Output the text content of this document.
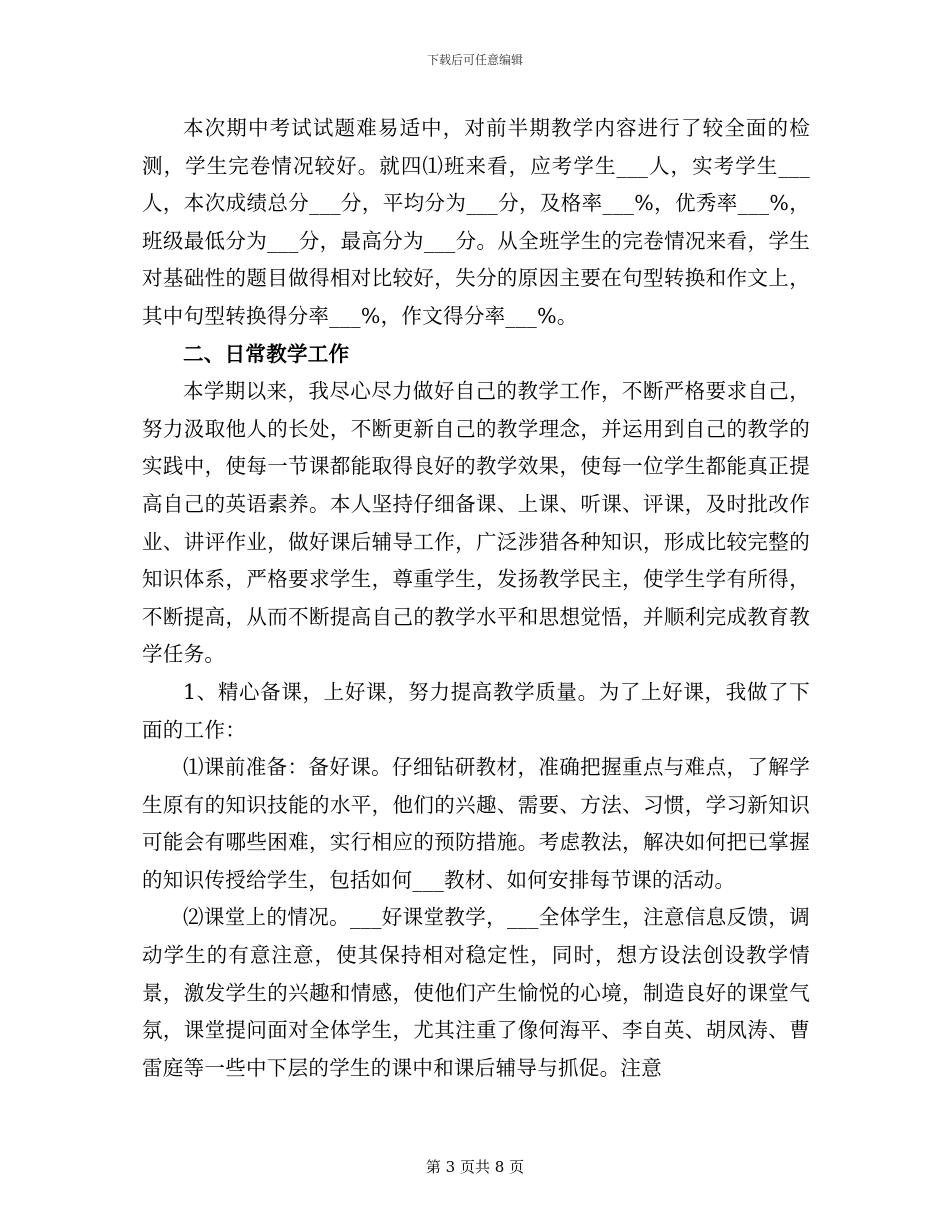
下载后可任意编辑

本次期中考试试题难易适中，对前半期教学内容进行了较全面的检测，学生完卷情况较好。就四⑴班来看，应考学生___人，实考学生___人，本次成绩总分___分，平均分为___分，及格率___%，优秀率___%，班级最低分为___分，最高分为___分。从全班学生的完卷情况来看，学生对基础性的题目做得相对比较好，失分的原因主要在句型转换和作文上，其中句型转换得分率___%，作文得分率___%。

二、日常教学工作

本学期以来，我尽心尽力做好自己的教学工作，不断严格要求自己，努力汲取他人的长处，不断更新自己的教学理念，并运用到自己的教学的实践中，使每一节课都能取得良好的教学效果，使每一位学生都能真正提高自己的英语素养。本人坚持仔细备课、上课、听课、评课，及时批改作业、讲评作业，做好课后辅导工作，广泛涉猎各种知识，形成比较完整的知识体系，严格要求学生，尊重学生，发扬教学民主，使学生学有所得，不断提高，从而不断提高自己的教学水平和思想觉悟，并顺利完成教育教学任务。

1、精心备课，上好课，努力提高教学质量。为了上好课，我做了下面的工作：

⑴课前准备：备好课。仔细钻研教材，准确把握重点与难点，了解学生原有的知识技能的水平，他们的兴趣、需要、方法、习惯，学习新知识可能会有哪些困难，实行相应的预防措施。考虑教法，解决如何把已掌握的知识传授给学生，包括如何___教材、如何安排每节课的活动。

⑵课堂上的情况。___好课堂教学，___全体学生，注意信息反馈，调动学生的有意注意，使其保持相对稳定性，同时，想方设法创设教学情景，激发学生的兴趣和情感，使他们产生愉悦的心境，制造良好的课堂气氛，课堂提问面对全体学生，尤其注重了像何海平、李自英、胡凤涛、曹雷庭等一些中下层的学生的课中和课后辅导与抓促。注意

第 3 页共 8 页
